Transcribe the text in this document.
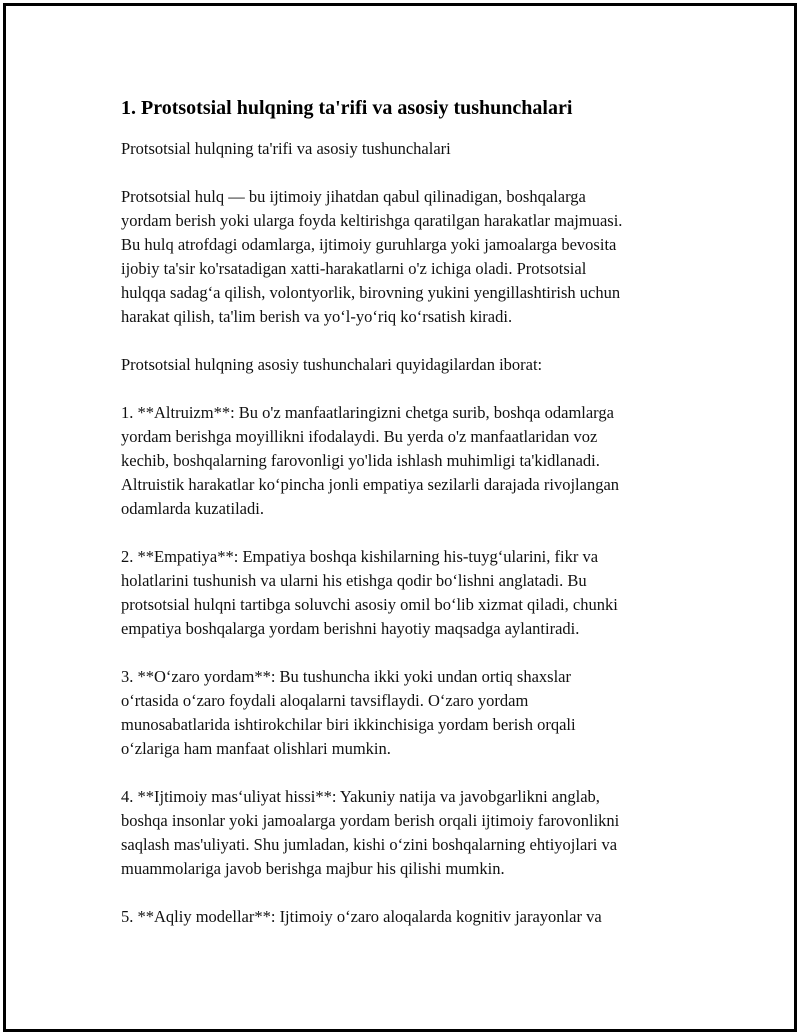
1. Protsotsial hulqning ta'rifi va asosiy tushunchalari

Protsotsial hulqning ta'rifi va asosiy tushunchalari

Protsotsial hulq — bu ijtimoiy jihatdan qabul qilinadigan, boshqalarga
yordam berish yoki ularga foyda keltirishga qaratilgan harakatlar majmuasi.
Bu hulq atrofdagi odamlarga, ijtimoiy guruhlarga yoki jamoalarga bevosita
ijobiy ta'sir ko'rsatadigan xatti-harakatlarni o'z ichiga oladi. Protsotsial
hulqqa sadag‘a qilish, volontyorlik, birovning yukini yengillashtirish uchun
harakat qilish, ta'lim berish va yo‘l-yo‘riq ko‘rsatish kiradi.

Protsotsial hulqning asosiy tushunchalari quyidagilardan iborat:

1. **Altruizm**: Bu o'z manfaatlaringizni chetga surib, boshqa odamlarga
yordam berishga moyillikni ifodalaydi. Bu yerda o'z manfaatlaridan voz
kechib, boshqalarning farovonligi yo'lida ishlash muhimligi ta'kidlanadi.
Altruistik harakatlar ko‘pincha jonli empatiya sezilarli darajada rivojlangan
odamlarda kuzatiladi.

2. **Empatiya**: Empatiya boshqa kishilarning his-tuyg‘ularini, fikr va
holatlarini tushunish va ularni his etishga qodir bo‘lishni anglatadi. Bu
protsotsial hulqni tartibga soluvchi asosiy omil bo‘lib xizmat qiladi, chunki
empatiya boshqalarga yordam berishni hayotiy maqsadga aylantiradi.

3. **O‘zaro yordam**: Bu tushuncha ikki yoki undan ortiq shaxslar
o‘rtasida o‘zaro foydali aloqalarni tavsiflaydi. O‘zaro yordam
munosabatlarida ishtirokchilar biri ikkinchisiga yordam berish orqali
o‘zlariga ham manfaat olishlari mumkin.

4. **Ijtimoiy mas‘uliyat hissi**: Yakuniy natija va javobgarlikni anglab,
boshqa insonlar yoki jamoalarga yordam berish orqali ijtimoiy farovonlikni
saqlash mas'uliyati. Shu jumladan, kishi o‘zini boshqalarning ehtiyojlari va
muammolariga javob berishga majbur his qilishi mumkin.

5. **Aqliy modellar**: Ijtimoiy o‘zaro aloqalarda kognitiv jarayonlar va
